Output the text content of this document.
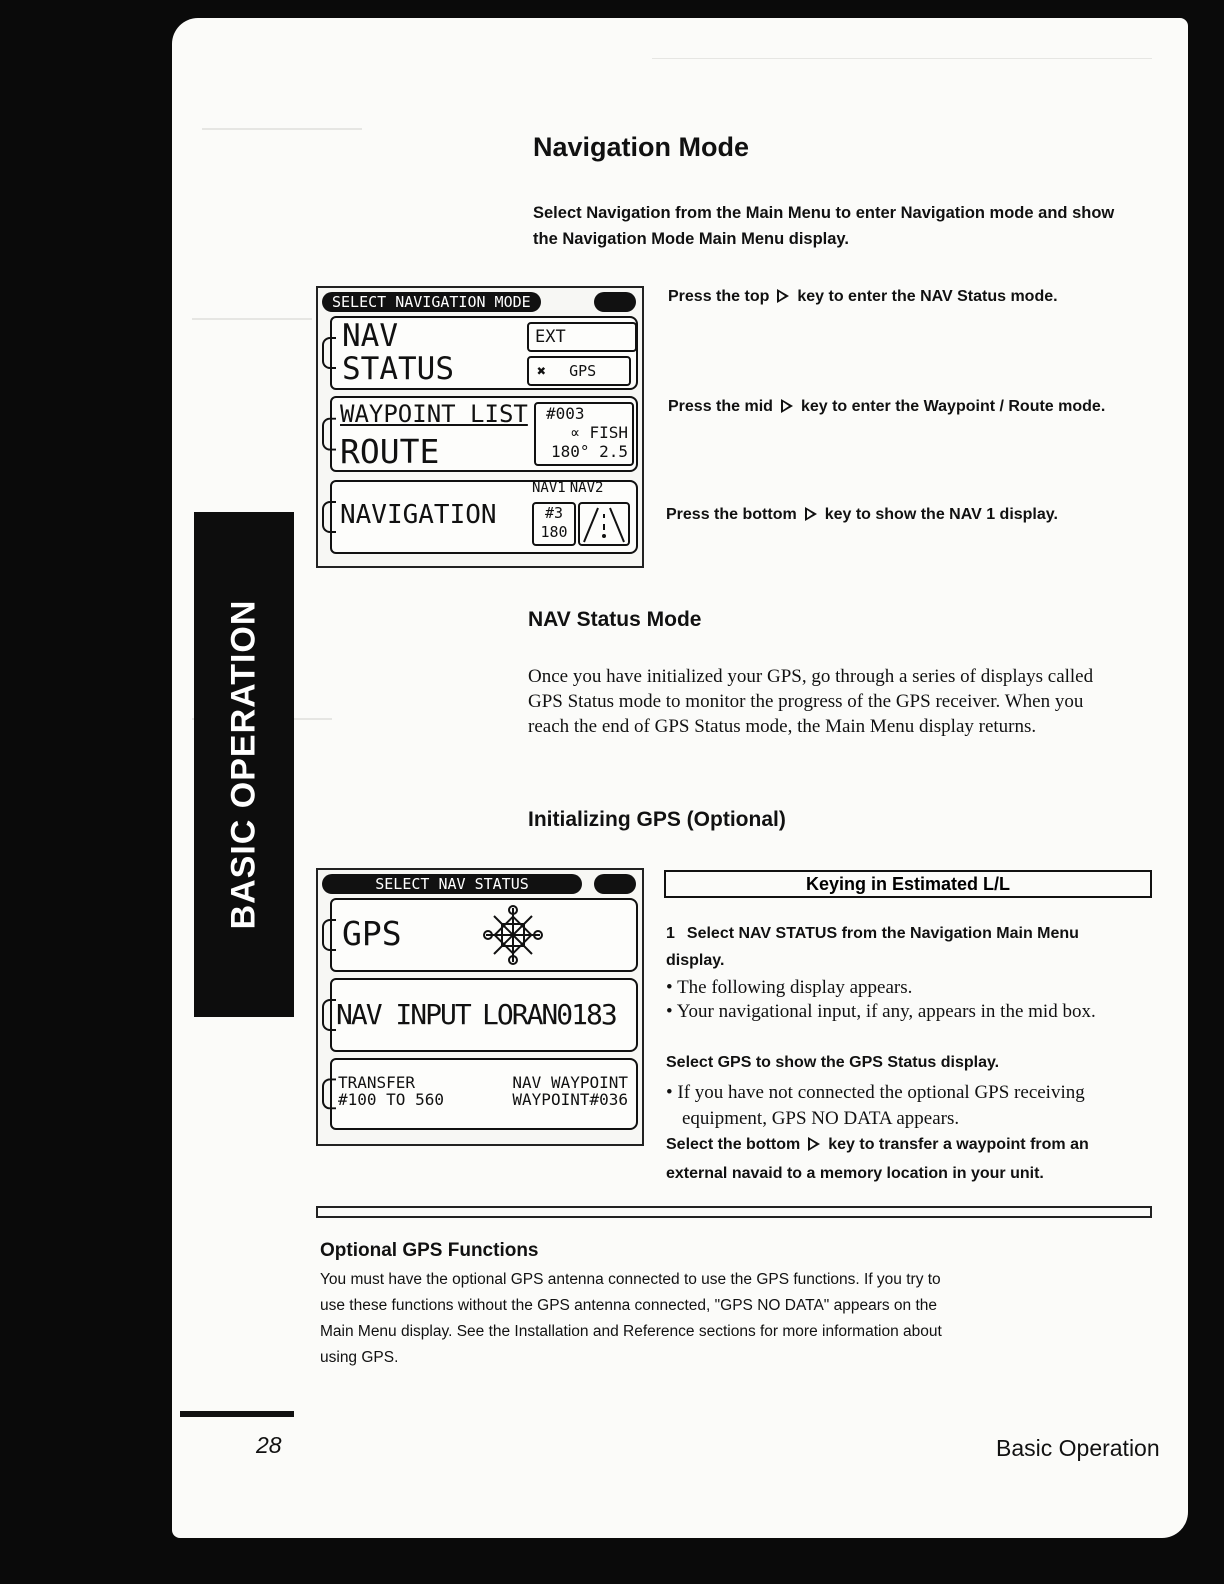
BASIC OPERATION
Navigation Mode
Select Navigation from the Main Menu to enter Navigation mode and show the Navigation Mode Main Menu display.
SELECT NAVIGATION MODE
NAV
STATUS
EXT
✖ GPS
WAYPOINT LIST
ROUTE
#003
∝ FISH
180° 2.5
NAVIGATION
NAV1 NAV2
#3
180
Press the top key to enter the NAV Status mode.
Press the mid key to enter the Waypoint / Route mode.
Press the bottom key to show the NAV 1 display.
NAV Status Mode
Once you have initialized your GPS, go through a series of displays called GPS Status mode to monitor the progress of the GPS receiver. When you reach the end of GPS Status mode, the Main Menu display returns.
Initializing GPS (Optional)
SELECT NAV STATUS
GPS
NAV INPUT LORAN0183
TRANSFER
#100 TO 560
NAV WAYPOINT
WAYPOINT#036
Keying in Estimated L/L
1 Select NAV STATUS from the Navigation Main Menu display.
• The following display appears.
• Your navigational input, if any, appears in the mid box.
Select GPS to show the GPS Status display.
• If you have not connected the optional GPS receiving equipment, GPS NO DATA appears.
Select the bottom key to transfer a waypoint from an external navaid to a memory location in your unit.
Optional GPS Functions
You must have the optional GPS antenna connected to use the GPS functions. If you try to use these functions without the GPS antenna connected, "GPS NO DATA" appears on the Main Menu display. See the Installation and Reference sections for more information about using GPS.
28	Basic Operation
